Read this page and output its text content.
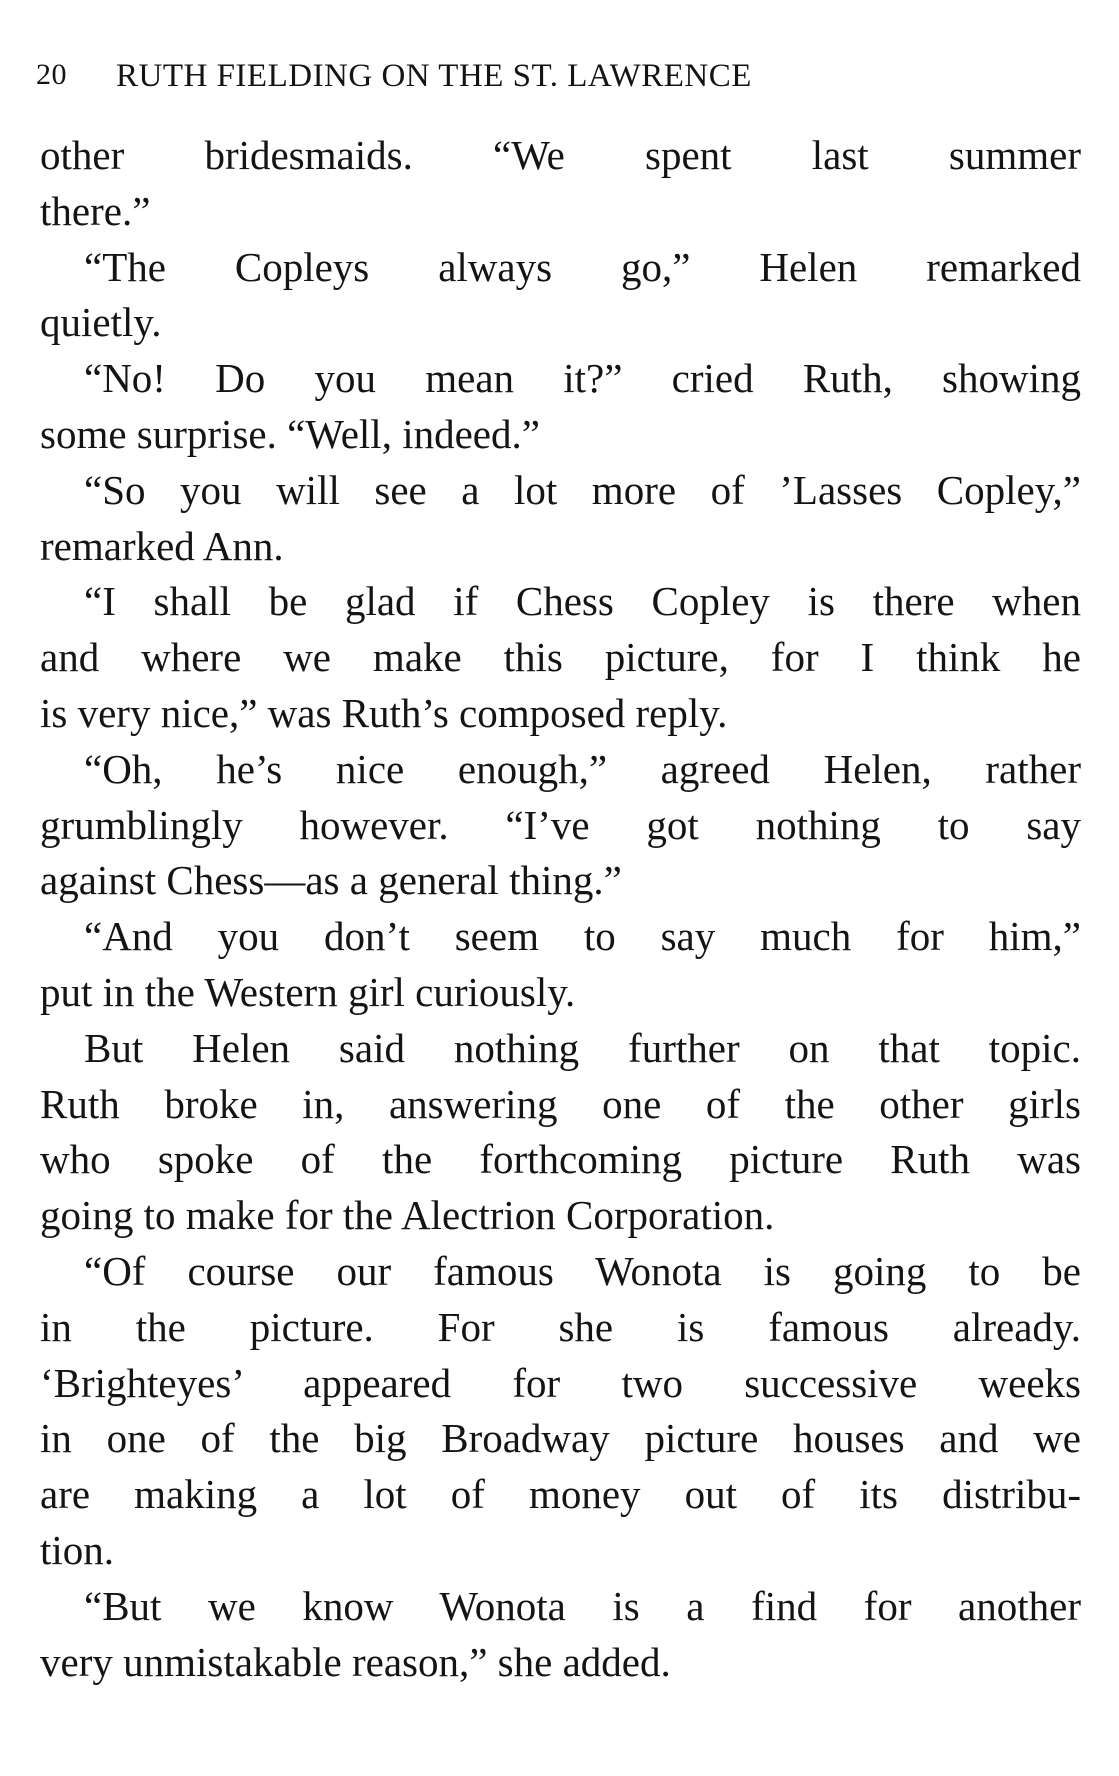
20 RUTH FIELDING ON THE ST. LAWRENCE
other bridesmaids. “We spent last summer
there.”
“The Copleys always go,” Helen remarked
quietly.
“No! Do you mean it?” cried Ruth, showing
some surprise. “Well, indeed.”
“So you will see a lot more of ’Lasses Copley,”
remarked Ann.
“I shall be glad if Chess Copley is there when
and where we make this picture, for I think he
is very nice,” was Ruth’s composed reply.
“Oh, he’s nice enough,” agreed Helen, rather
grumblingly however. “I’ve got nothing to say
against Chess—as a general thing.”
“And you don’t seem to say much for him,”
put in the Western girl curiously.
But Helen said nothing further on that topic.
Ruth broke in, answering one of the other girls
who spoke of the forthcoming picture Ruth was
going to make for the Alectrion Corporation.
“Of course our famous Wonota is going to be
in the picture. For she is famous already.
‘Brighteyes’ appeared for two successive weeks
in one of the big Broadway picture houses and we
are making a lot of money out of its distribu-
tion.
“But we know Wonota is a find for another
very unmistakable reason,” she added.
